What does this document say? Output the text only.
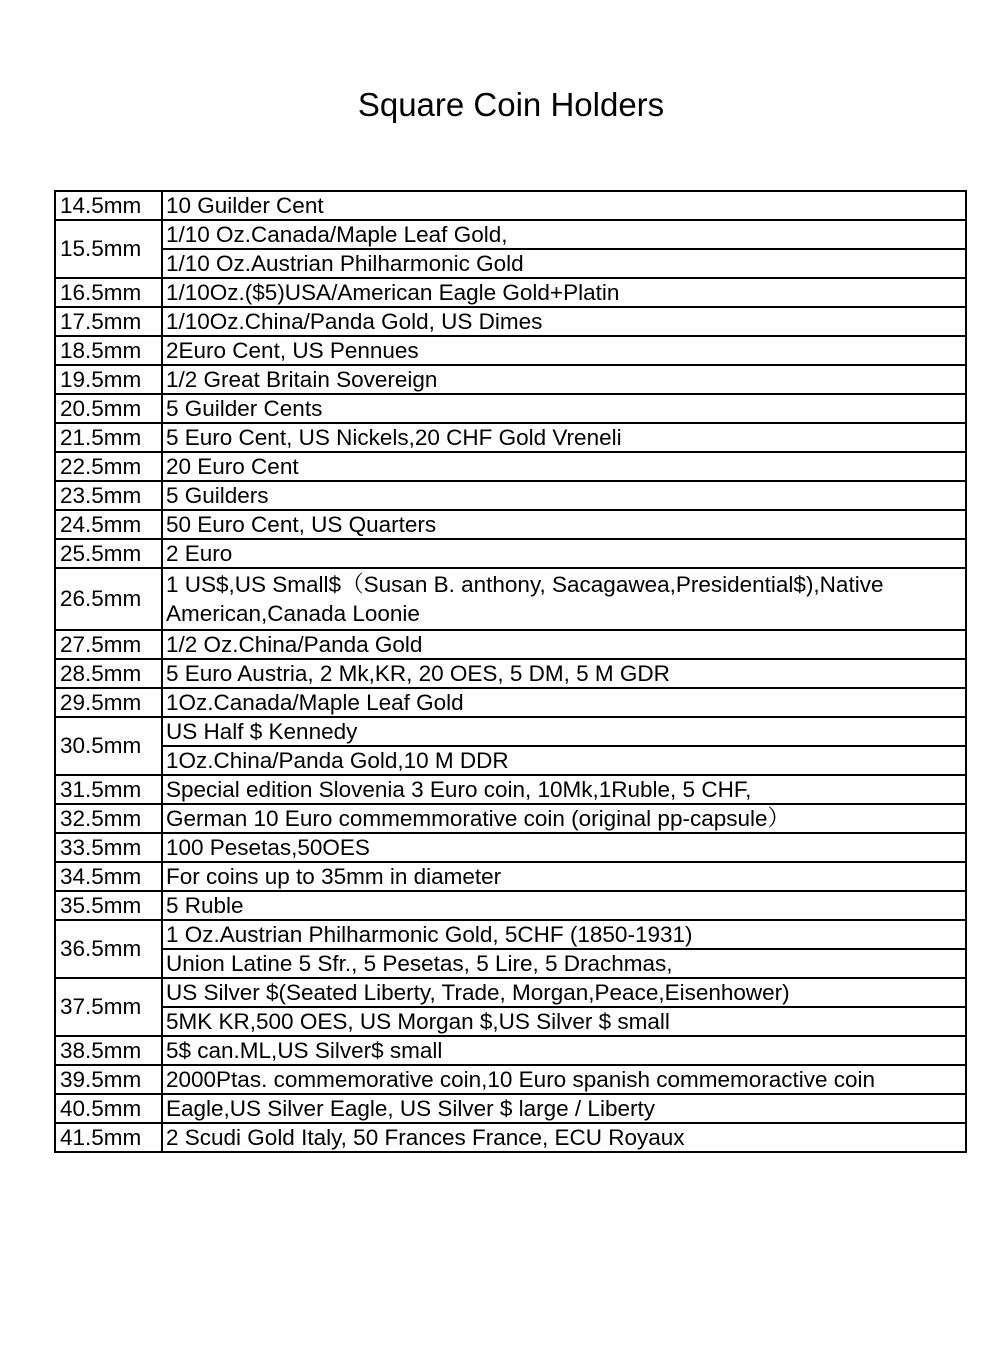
Square Coin Holders
14.5mm	10 Guilder Cent
15.5mm	1/10 Oz.Canada/Maple Leaf Gold,
	1/10 Oz.Austrian Philharmonic Gold
16.5mm	1/10Oz.($5)USA/American Eagle Gold+Platin
17.5mm	1/10Oz.China/Panda Gold, US Dimes
18.5mm	2Euro Cent, US Pennues
19.5mm	1/2 Great Britain Sovereign
20.5mm	5 Guilder Cents
21.5mm	5 Euro Cent, US Nickels,20 CHF Gold Vreneli
22.5mm	20 Euro Cent
23.5mm	5 Guilders
24.5mm	50 Euro Cent, US Quarters
25.5mm	2 Euro
26.5mm	1 US$,US Small$（Susan B. anthony, Sacagawea,Presidential$),Native American,Canada Loonie
27.5mm	1/2 Oz.China/Panda Gold
28.5mm	5 Euro Austria, 2 Mk,KR, 20 OES, 5 DM, 5 M GDR
29.5mm	1Oz.Canada/Maple Leaf Gold
30.5mm	US Half $ Kennedy
	1Oz.China/Panda Gold,10 M DDR
31.5mm	Special edition Slovenia 3 Euro coin, 10Mk,1Ruble, 5 CHF,
32.5mm	German 10 Euro commemmorative coin (original pp-capsule）
33.5mm	100 Pesetas,50OES
34.5mm	For coins up to 35mm in diameter
35.5mm	5 Ruble
36.5mm	1 Oz.Austrian Philharmonic Gold, 5CHF (1850-1931)
	Union Latine 5 Sfr., 5 Pesetas, 5 Lire, 5 Drachmas,
37.5mm	US Silver $(Seated Liberty, Trade, Morgan,Peace,Eisenhower)
	5MK KR,500 OES, US Morgan $,US Silver $ small
38.5mm	5$ can.ML,US Silver$ small
39.5mm	2000Ptas. commemorative coin,10 Euro spanish commemoractive coin
40.5mm	Eagle,US Silver Eagle, US Silver $ large / Liberty
41.5mm	2 Scudi Gold Italy, 50 Frances France, ECU Royaux
